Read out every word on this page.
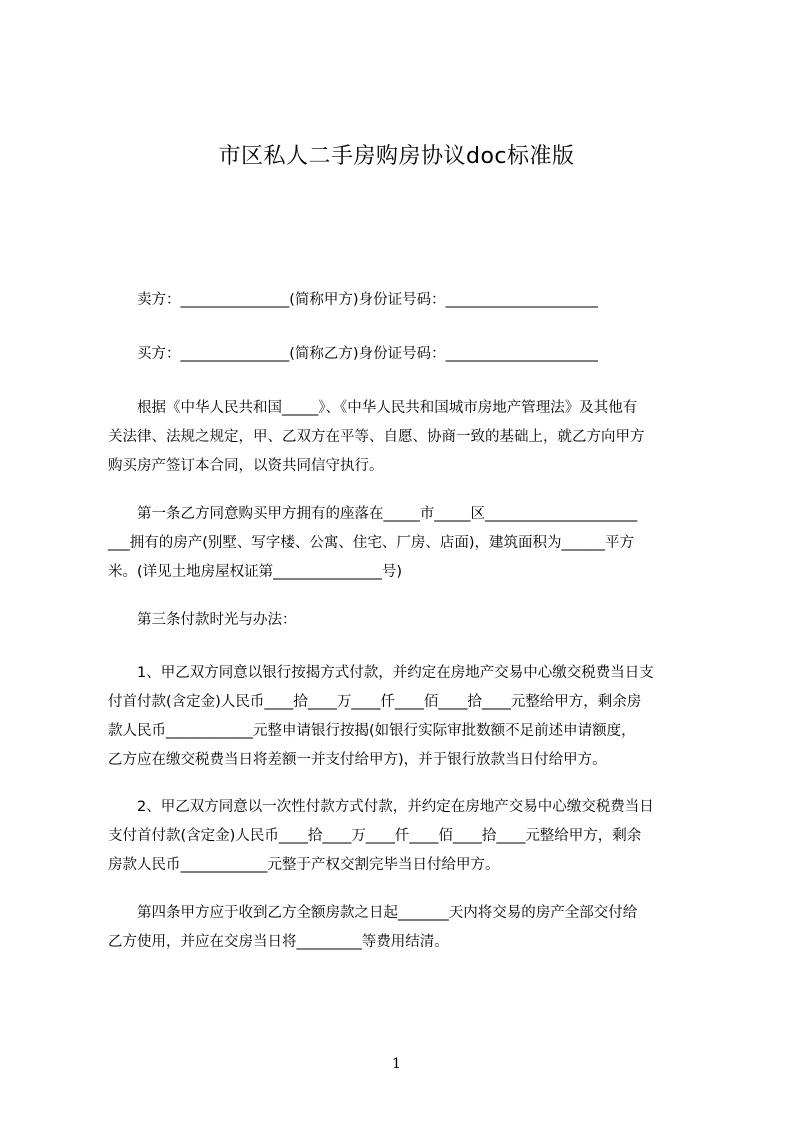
市区私人二手房购房协议doc标准版

卖方：_______________(简称甲方)身份证号码：_____________________

买方：_______________(简称乙方)身份证号码：_____________________

根据《中华人民共和国_____》、《中华人民共和国城市房地产管理法》及其他有
关法律、法规之规定，甲、乙双方在平等、自愿、协商一致的基础上，就乙方向甲方
购买房产签订本合同，以资共同信守执行。

第一条乙方同意购买甲方拥有的座落在_____市_____区_____________________
___拥有的房产(别墅、写字楼、公寓、住宅、厂房、店面)，建筑面积为______平方
米。(详见土地房屋权证第_______________号)

第三条付款时光与办法：

1、甲乙双方同意以银行按揭方式付款，并约定在房地产交易中心缴交税费当日支
付首付款(含定金)人民币____拾____万____仟____佰____拾____元整给甲方，剩余房
款人民币____________元整申请银行按揭(如银行实际审批数额不足前述申请额度，
乙方应在缴交税费当日将差额一并支付给甲方)，并于银行放款当日付给甲方。

2、甲乙双方同意以一次性付款方式付款，并约定在房地产交易中心缴交税费当日
支付首付款(含定金)人民币____拾____万____仟____佰____拾____元整给甲方，剩余
房款人民币____________元整于产权交割完毕当日付给甲方。

第四条甲方应于收到乙方全额房款之日起_______天内将交易的房产全部交付给
乙方使用，并应在交房当日将_________等费用结清。

1
